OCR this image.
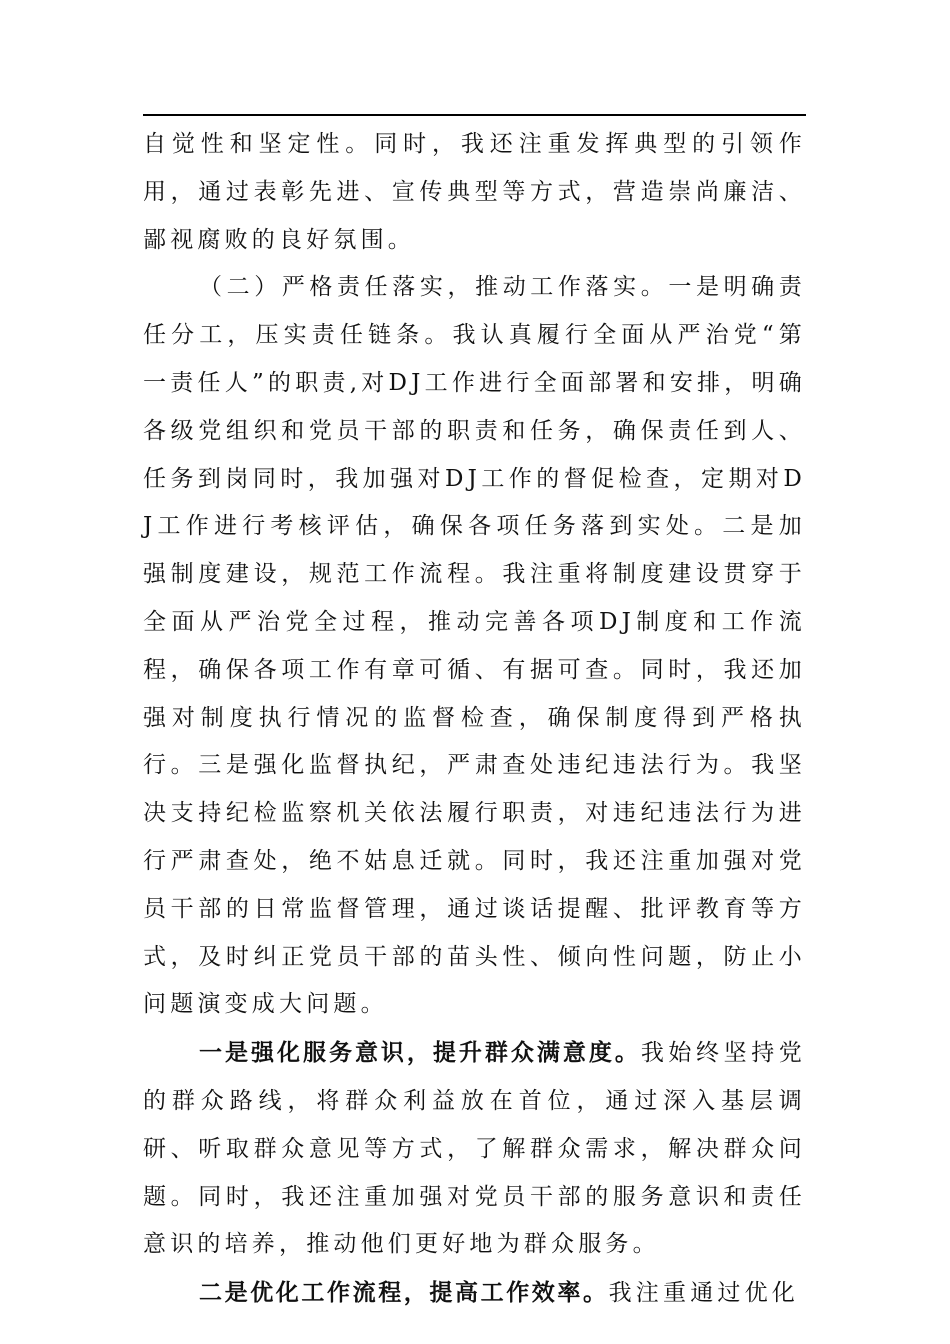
自觉性和坚定性。同时，我还注重发挥典型的引领作用，通过表彰先进、宣传典型等方式，营造崇尚廉洁、鄙视腐败的良好氛围。

（二）严格责任落实，推动工作落实。一是明确责任分工，压实责任链条。我认真履行全面从严治党“第一责任人”的职责,对DJ工作进行全面部署和安排，明确各级党组织和党员干部的职责和任务，确保责任到人、任务到岗同时，我加强对DJ工作的督促检查，定期对DJ工作进行考核评估，确保各项任务落到实处。二是加强制度建设，规范工作流程。我注重将制度建设贯穿于全面从严治党全过程，推动完善各项DJ制度和工作流程，确保各项工作有章可循、有据可查。同时，我还加强对制度执行情况的监督检查，确保制度得到严格执行。三是强化监督执纪，严肃查处违纪违法行为。我坚决支持纪检监察机关依法履行职责，对违纪违法行为进行严肃查处，绝不姑息迁就。同时，我还注重加强对党员干部的日常监督管理，通过谈话提醒、批评教育等方式，及时纠正党员干部的苗头性、倾向性问题，防止小问题演变成大问题。

一是强化服务意识，提升群众满意度。我始终坚持党的群众路线，将群众利益放在首位，通过深入基层调研、听取群众意见等方式，了解群众需求，解决群众问题。同时，我还注重加强对党员干部的服务意识和责任意识的培养，推动他们更好地为群众服务。

二是优化工作流程，提高工作效率。我注重通过优化
